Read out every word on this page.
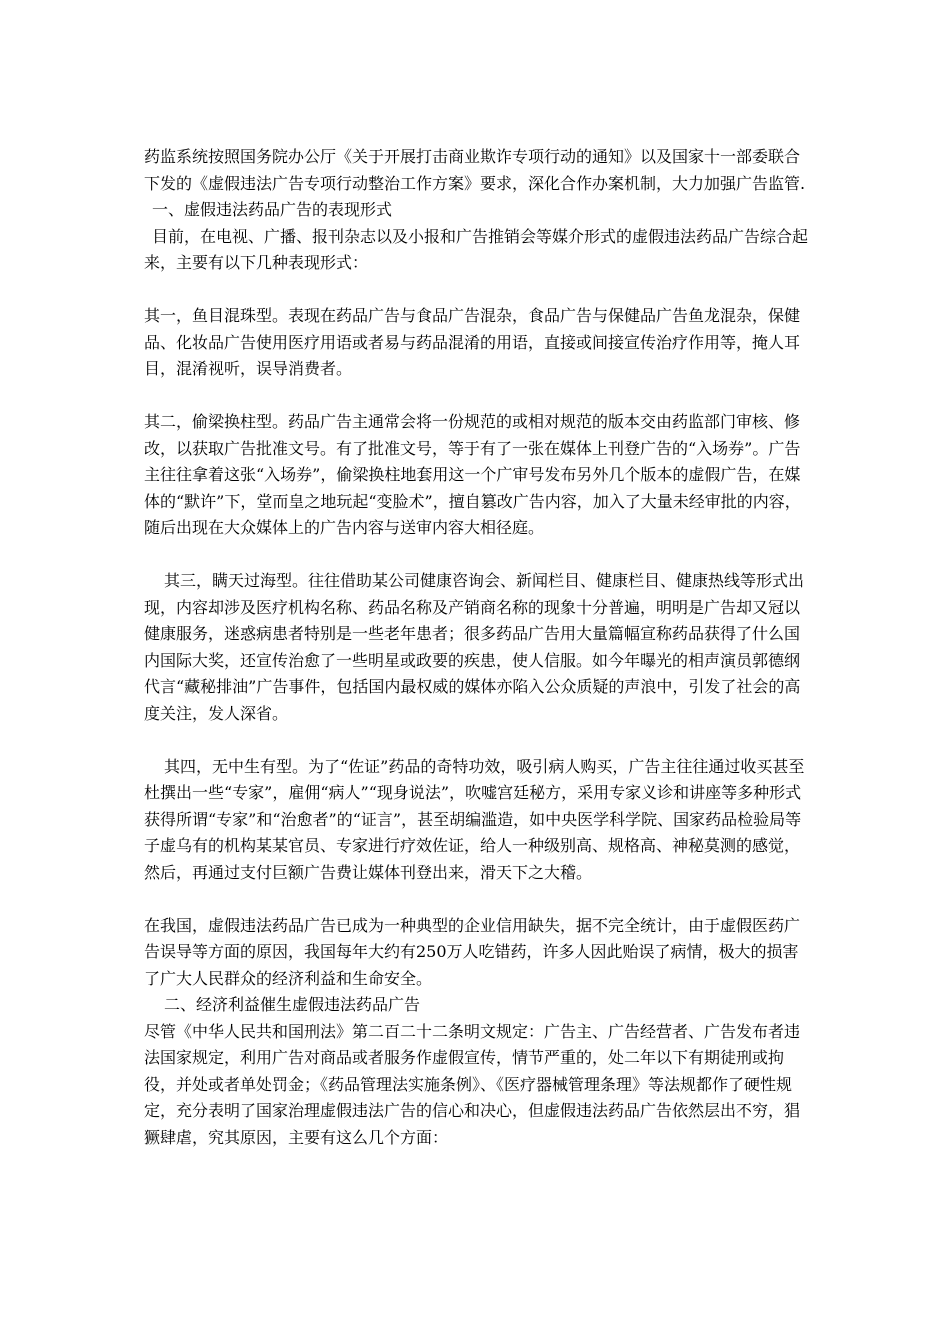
药监系统按照国务院办公厅《关于开展打击商业欺诈专项行动的通知》以及国家十一部委联合下发的《虚假违法广告专项行动整治工作方案》要求，深化合作办案机制，大力加强广告监管.

一、虚假违法药品广告的表现形式

目前，在电视、广播、报刊杂志以及小报和广告推销会等媒介形式的虚假违法药品广告综合起来，主要有以下几种表现形式：

其一，鱼目混珠型。表现在药品广告与食品广告混杂，食品广告与保健品广告鱼龙混杂，保健品、化妆品广告使用医疗用语或者易与药品混淆的用语，直接或间接宣传治疗作用等，掩人耳目，混淆视听，误导消费者。

其二，偷梁换柱型。药品广告主通常会将一份规范的或相对规范的版本交由药监部门审核、修改，以获取广告批准文号。有了批准文号，等于有了一张在媒体上刊登广告的“入场券”。广告主往往拿着这张“入场券”，偷梁换柱地套用这一个广审号发布另外几个版本的虚假广告，在媒体的“默许”下，堂而皇之地玩起“变脸术”，擅自篡改广告内容，加入了大量未经审批的内容，随后出现在大众媒体上的广告内容与送审内容大相径庭。

其三，瞒天过海型。往往借助某公司健康咨询会、新闻栏目、健康栏目、健康热线等形式出现，内容却涉及医疗机构名称、药品名称及产销商名称的现象十分普遍，明明是广告却又冠以健康服务，迷惑病患者特别是一些老年患者；很多药品广告用大量篇幅宣称药品获得了什么国内国际大奖，还宣传治愈了一些明星或政要的疾患，使人信服。如今年曝光的相声演员郭德纲代言“藏秘排油”广告事件，包括国内最权威的媒体亦陷入公众质疑的声浪中，引发了社会的高度关注，发人深省。

其四，无中生有型。为了“佐证”药品的奇特功效，吸引病人购买，广告主往往通过收买甚至杜撰出一些“专家”，雇佣“病人”“现身说法”，吹嘘宫廷秘方，采用专家义诊和讲座等多种形式获得所谓“专家”和“治愈者”的“证言”，甚至胡编滥造，如中央医学科学院、国家药品检验局等子虚乌有的机构某某官员、专家进行疗效佐证，给人一种级别高、规格高、神秘莫测的感觉，然后，再通过支付巨额广告费让媒体刊登出来，滑天下之大稽。

在我国，虚假违法药品广告已成为一种典型的企业信用缺失，据不完全统计，由于虚假医药广告误导等方面的原因，我国每年大约有250万人吃错药，许多人因此贻误了病情，极大的损害了广大人民群众的经济利益和生命安全。

二、经济利益催生虚假违法药品广告

尽管《中华人民共和国刑法》第二百二十二条明文规定：广告主、广告经营者、广告发布者违法国家规定，利用广告对商品或者服务作虚假宣传，情节严重的，处二年以下有期徒刑或拘役，并处或者单处罚金；《药品管理法实施条例》、《医疗器械管理条理》等法规都作了硬性规定，充分表明了国家治理虚假违法广告的信心和决心，但虚假违法药品广告依然层出不穷，猖獗肆虐，究其原因，主要有这么几个方面：
